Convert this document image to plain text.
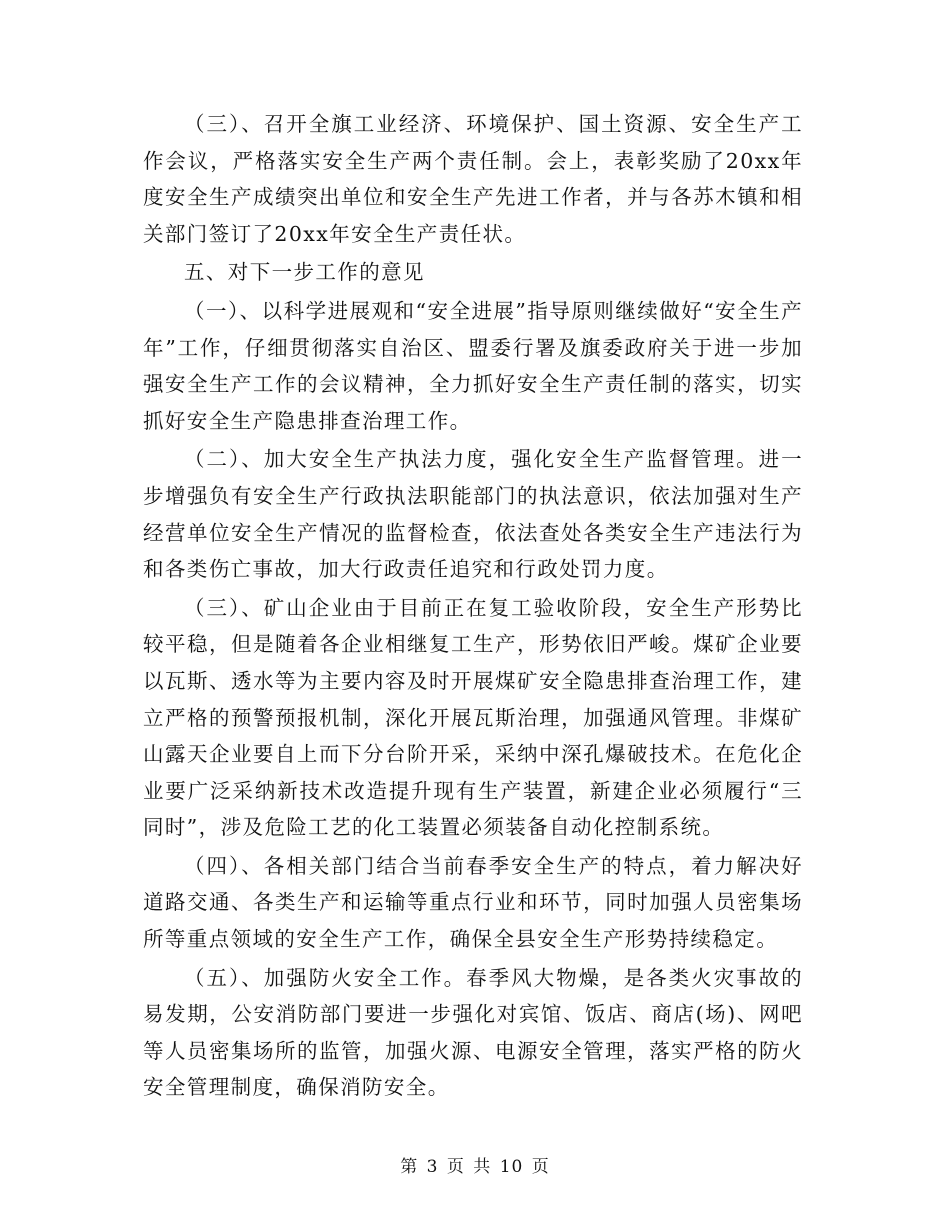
（三）、召开全旗工业经济、环境保护、国土资源、安全生产工作会议，严格落实安全生产两个责任制。会上，表彰奖励了20xx年度安全生产成绩突出单位和安全生产先进工作者，并与各苏木镇和相关部门签订了20xx年安全生产责任状。

五、对下一步工作的意见

（一）、以科学进展观和“安全进展”指导原则继续做好“安全生产年”工作，仔细贯彻落实自治区、盟委行署及旗委政府关于进一步加强安全生产工作的会议精神，全力抓好安全生产责任制的落实，切实抓好安全生产隐患排查治理工作。

（二）、加大安全生产执法力度，强化安全生产监督管理。进一步增强负有安全生产行政执法职能部门的执法意识，依法加强对生产经营单位安全生产情况的监督检查，依法查处各类安全生产违法行为和各类伤亡事故，加大行政责任追究和行政处罚力度。

（三）、矿山企业由于目前正在复工验收阶段，安全生产形势比较平稳，但是随着各企业相继复工生产，形势依旧严峻。煤矿企业要以瓦斯、透水等为主要内容及时开展煤矿安全隐患排查治理工作，建立严格的预警预报机制，深化开展瓦斯治理，加强通风管理。非煤矿山露天企业要自上而下分台阶开采，采纳中深孔爆破技术。在危化企业要广泛采纳新技术改造提升现有生产装置，新建企业必须履行“三同时”，涉及危险工艺的化工装置必须装备自动化控制系统。

（四）、各相关部门结合当前春季安全生产的特点，着力解决好道路交通、各类生产和运输等重点行业和环节，同时加强人员密集场所等重点领域的安全生产工作，确保全县安全生产形势持续稳定。

（五）、加强防火安全工作。春季风大物燥，是各类火灾事故的易发期，公安消防部门要进一步强化对宾馆、饭店、商店(场)、网吧等人员密集场所的监管，加强火源、电源安全管理，落实严格的防火安全管理制度，确保消防安全。

第 3 页 共 10 页
